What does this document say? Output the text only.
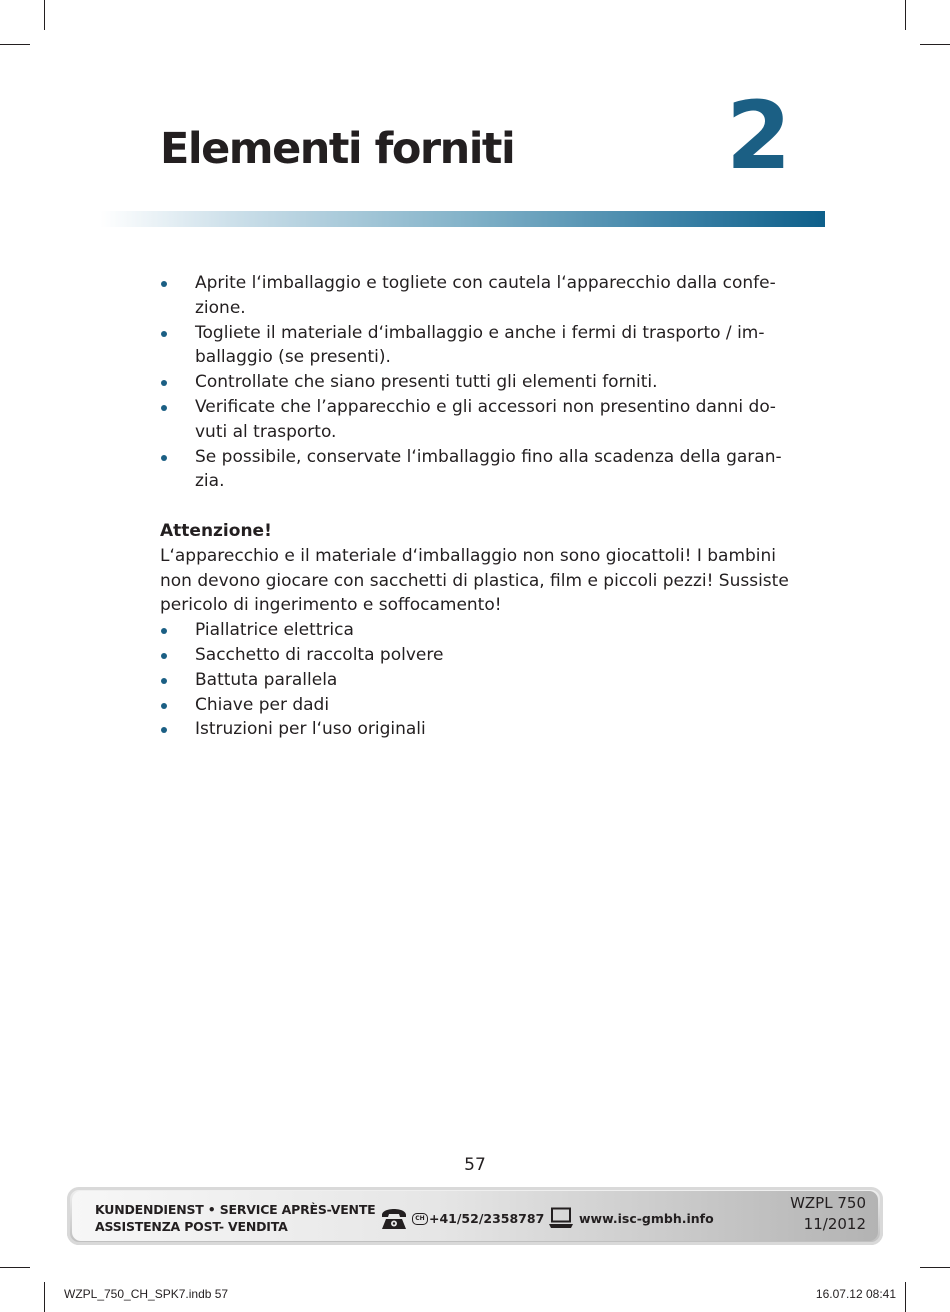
Elementi forniti 2
Aprite l‘imballaggio e togliete con cautela l‘apparecchio dalla confezione.
Togliete il materiale d‘imballaggio e anche i fermi di trasporto / imballaggio (se presenti).
Controllate che siano presenti tutti gli elementi forniti.
Verificate che l’apparecchio e gli accessori non presentino danni dovuti al trasporto.
Se possibile, conservate l‘imballaggio fino alla scadenza della garanzia.
Attenzione!
L‘apparecchio e il materiale d‘imballaggio non sono giocattoli! I bambini non devono giocare con sacchetti di plastica, film e piccoli pezzi! Sussiste pericolo di ingerimento e soffocamento!
Piallatrice elettrica
Sacchetto di raccolta polvere
Battuta parallela
Chiave per dadi
Istruzioni per l‘uso originali
57
KUNDENDIENST • SERVICE APRÈS-VENTE
ASSISTENZA POST- VENDITA
CH +41/52/2358787	www.isc-gmbh.info
WZPL 750
11/2012
WZPL_750_CH_SPK7.indb 57	16.07.12 08:41
